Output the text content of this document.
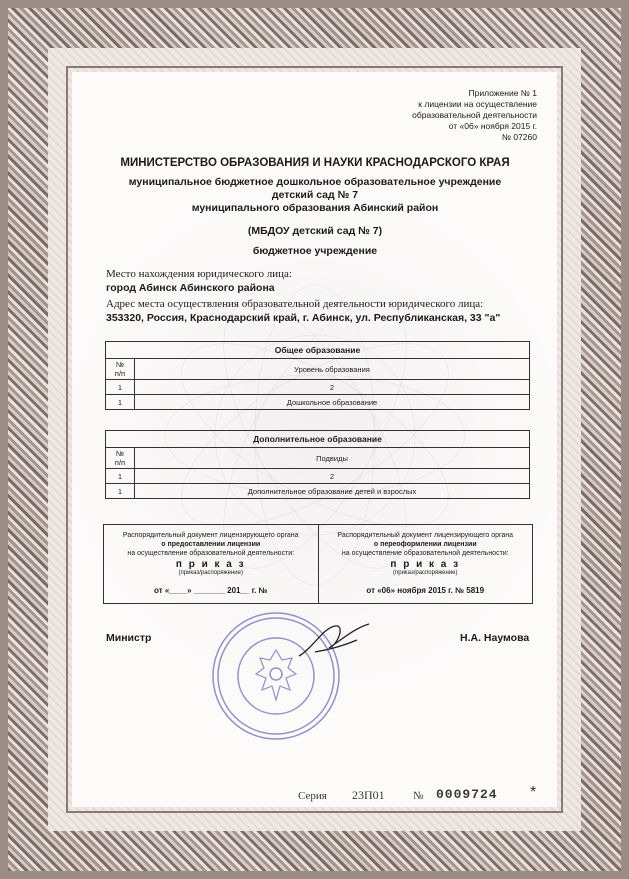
Приложение № 1
к лицензии на осуществление
образовательной деятельности
от «06» ноября 2015 г.
№ 07260
МИНИСТЕРСТВО ОБРАЗОВАНИЯ И НАУКИ КРАСНОДАРСКОГО КРАЯ
муниципальное бюджетное дошкольное образовательное учреждение
детский сад № 7
муниципального образования Абинский район
(МБДОУ детский сад № 7)
бюджетное учреждение
Место нахождения юридического лица:
город Абинск Абинского района
Адрес места осуществления образовательной деятельности юридического лица:
353320, Россия, Краснодарский край, г. Абинск, ул. Республиканская, 33 "а"
Общее образование	
№
п/п	Уровень образования
1	2
1	Дошкольное образование
Дополнительное образование	
№
п/п	Подвиды
1	2
1	Дополнительное образование детей и взрослых
Распорядительный документ лицензирующего органа
о предоставлении лицензии
на осуществление образовательной деятельности:
п р и к а з
(приказ/распоряжение)
от «____» _______ 201__ г. №
Распорядительный документ лицензирующего органа
о переоформлении лицензии
на осуществление образовательной деятельности:
п р и к а з
(приказ/распоряжение)
от «06» ноября 2015 г. № 5819
Министр	Н.А. Наумова
Серия 23П01	№ 0009724 *
